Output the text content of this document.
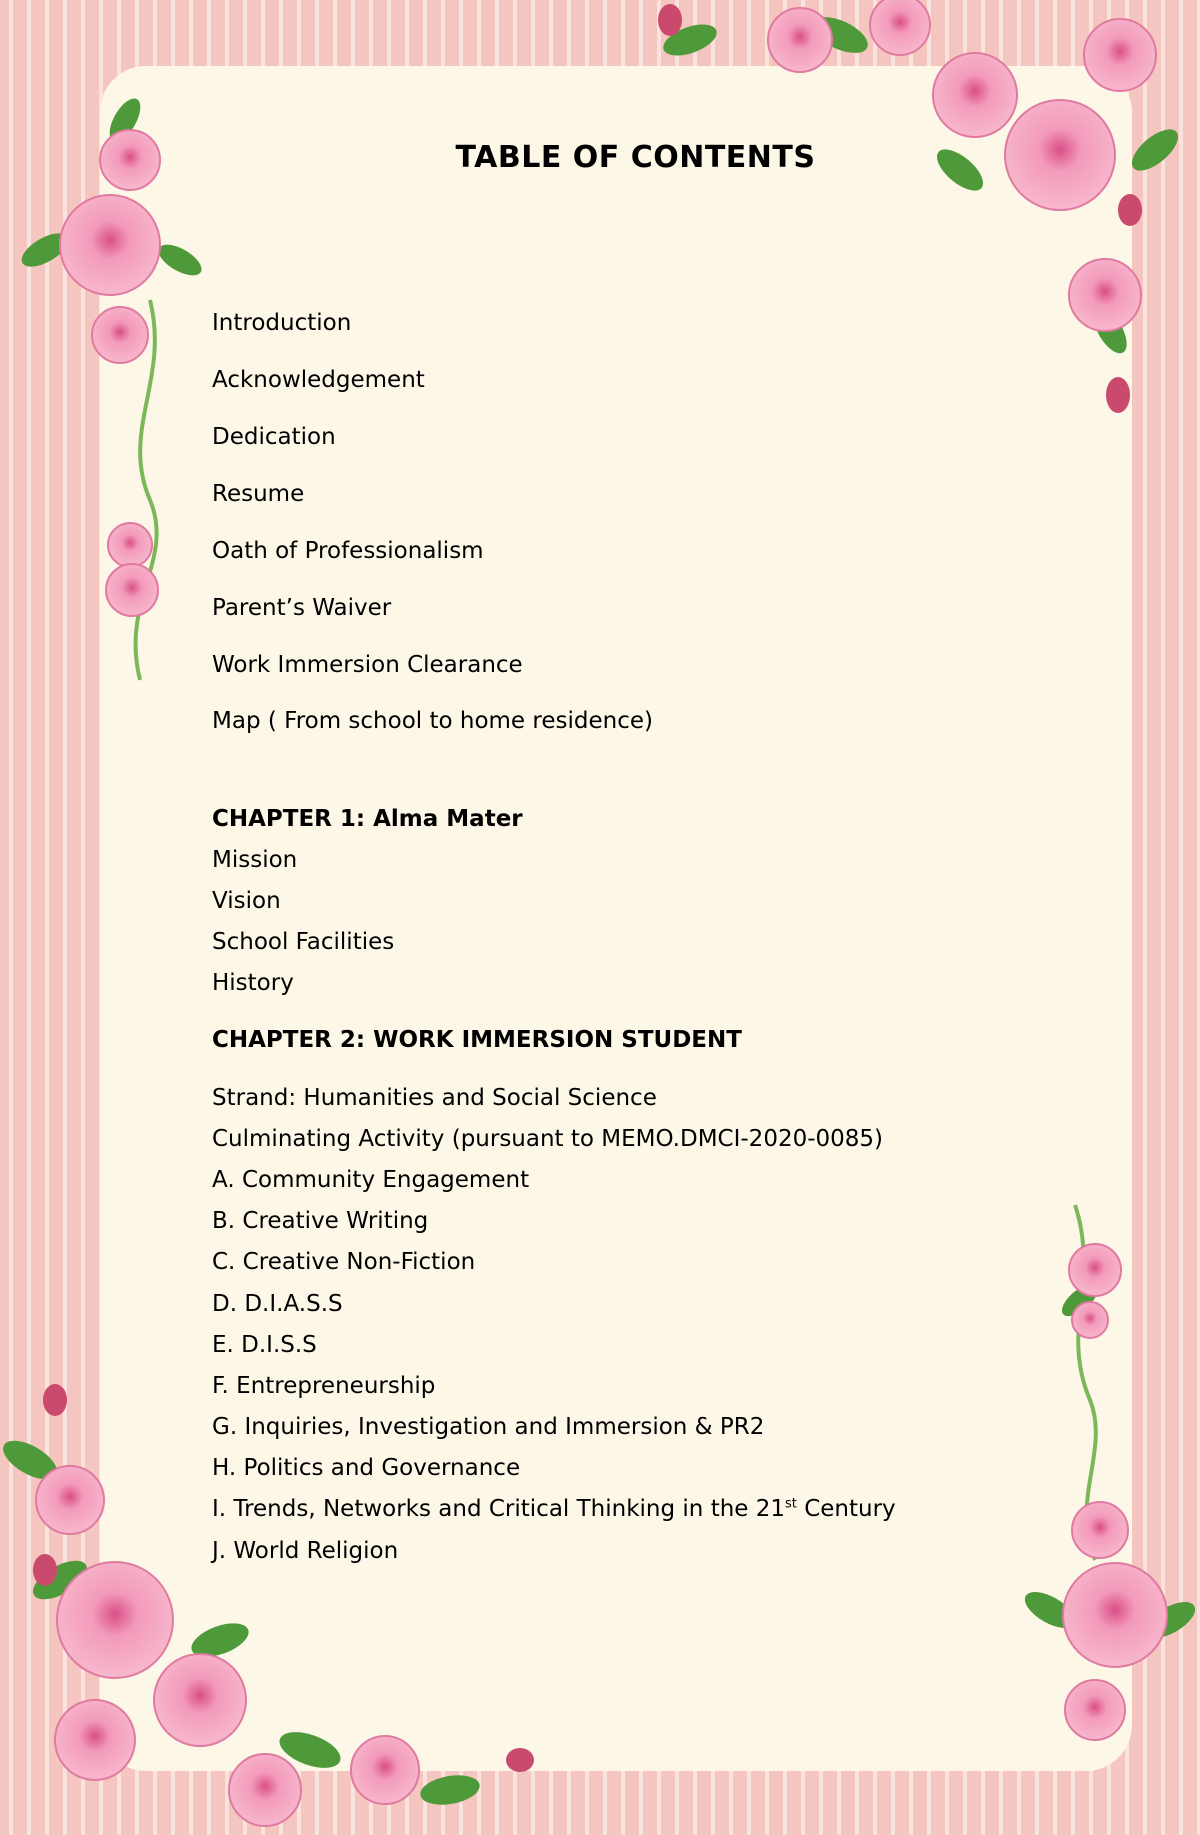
TABLE OF CONTENTS
Introduction
Acknowledgement
Dedication
Resume
Oath of Professionalism
Parent’s Waiver
Work Immersion Clearance
Map ( From school to home residence)
CHAPTER 1: Alma Mater
Mission
Vision
School Facilities
History
CHAPTER 2: WORK IMMERSION STUDENT
Strand: Humanities and Social Science
Culminating Activity (pursuant to MEMO.DMCI-2020-0085)
A. Community Engagement
B. Creative Writing
C. Creative Non-Fiction
D. D.I.A.S.S
E. D.I.S.S
F. Entrepreneurship
G. Inquiries, Investigation and Immersion & PR2
H. Politics and Governance
I. Trends, Networks and Critical Thinking in the 21st Century
J. World Religion
